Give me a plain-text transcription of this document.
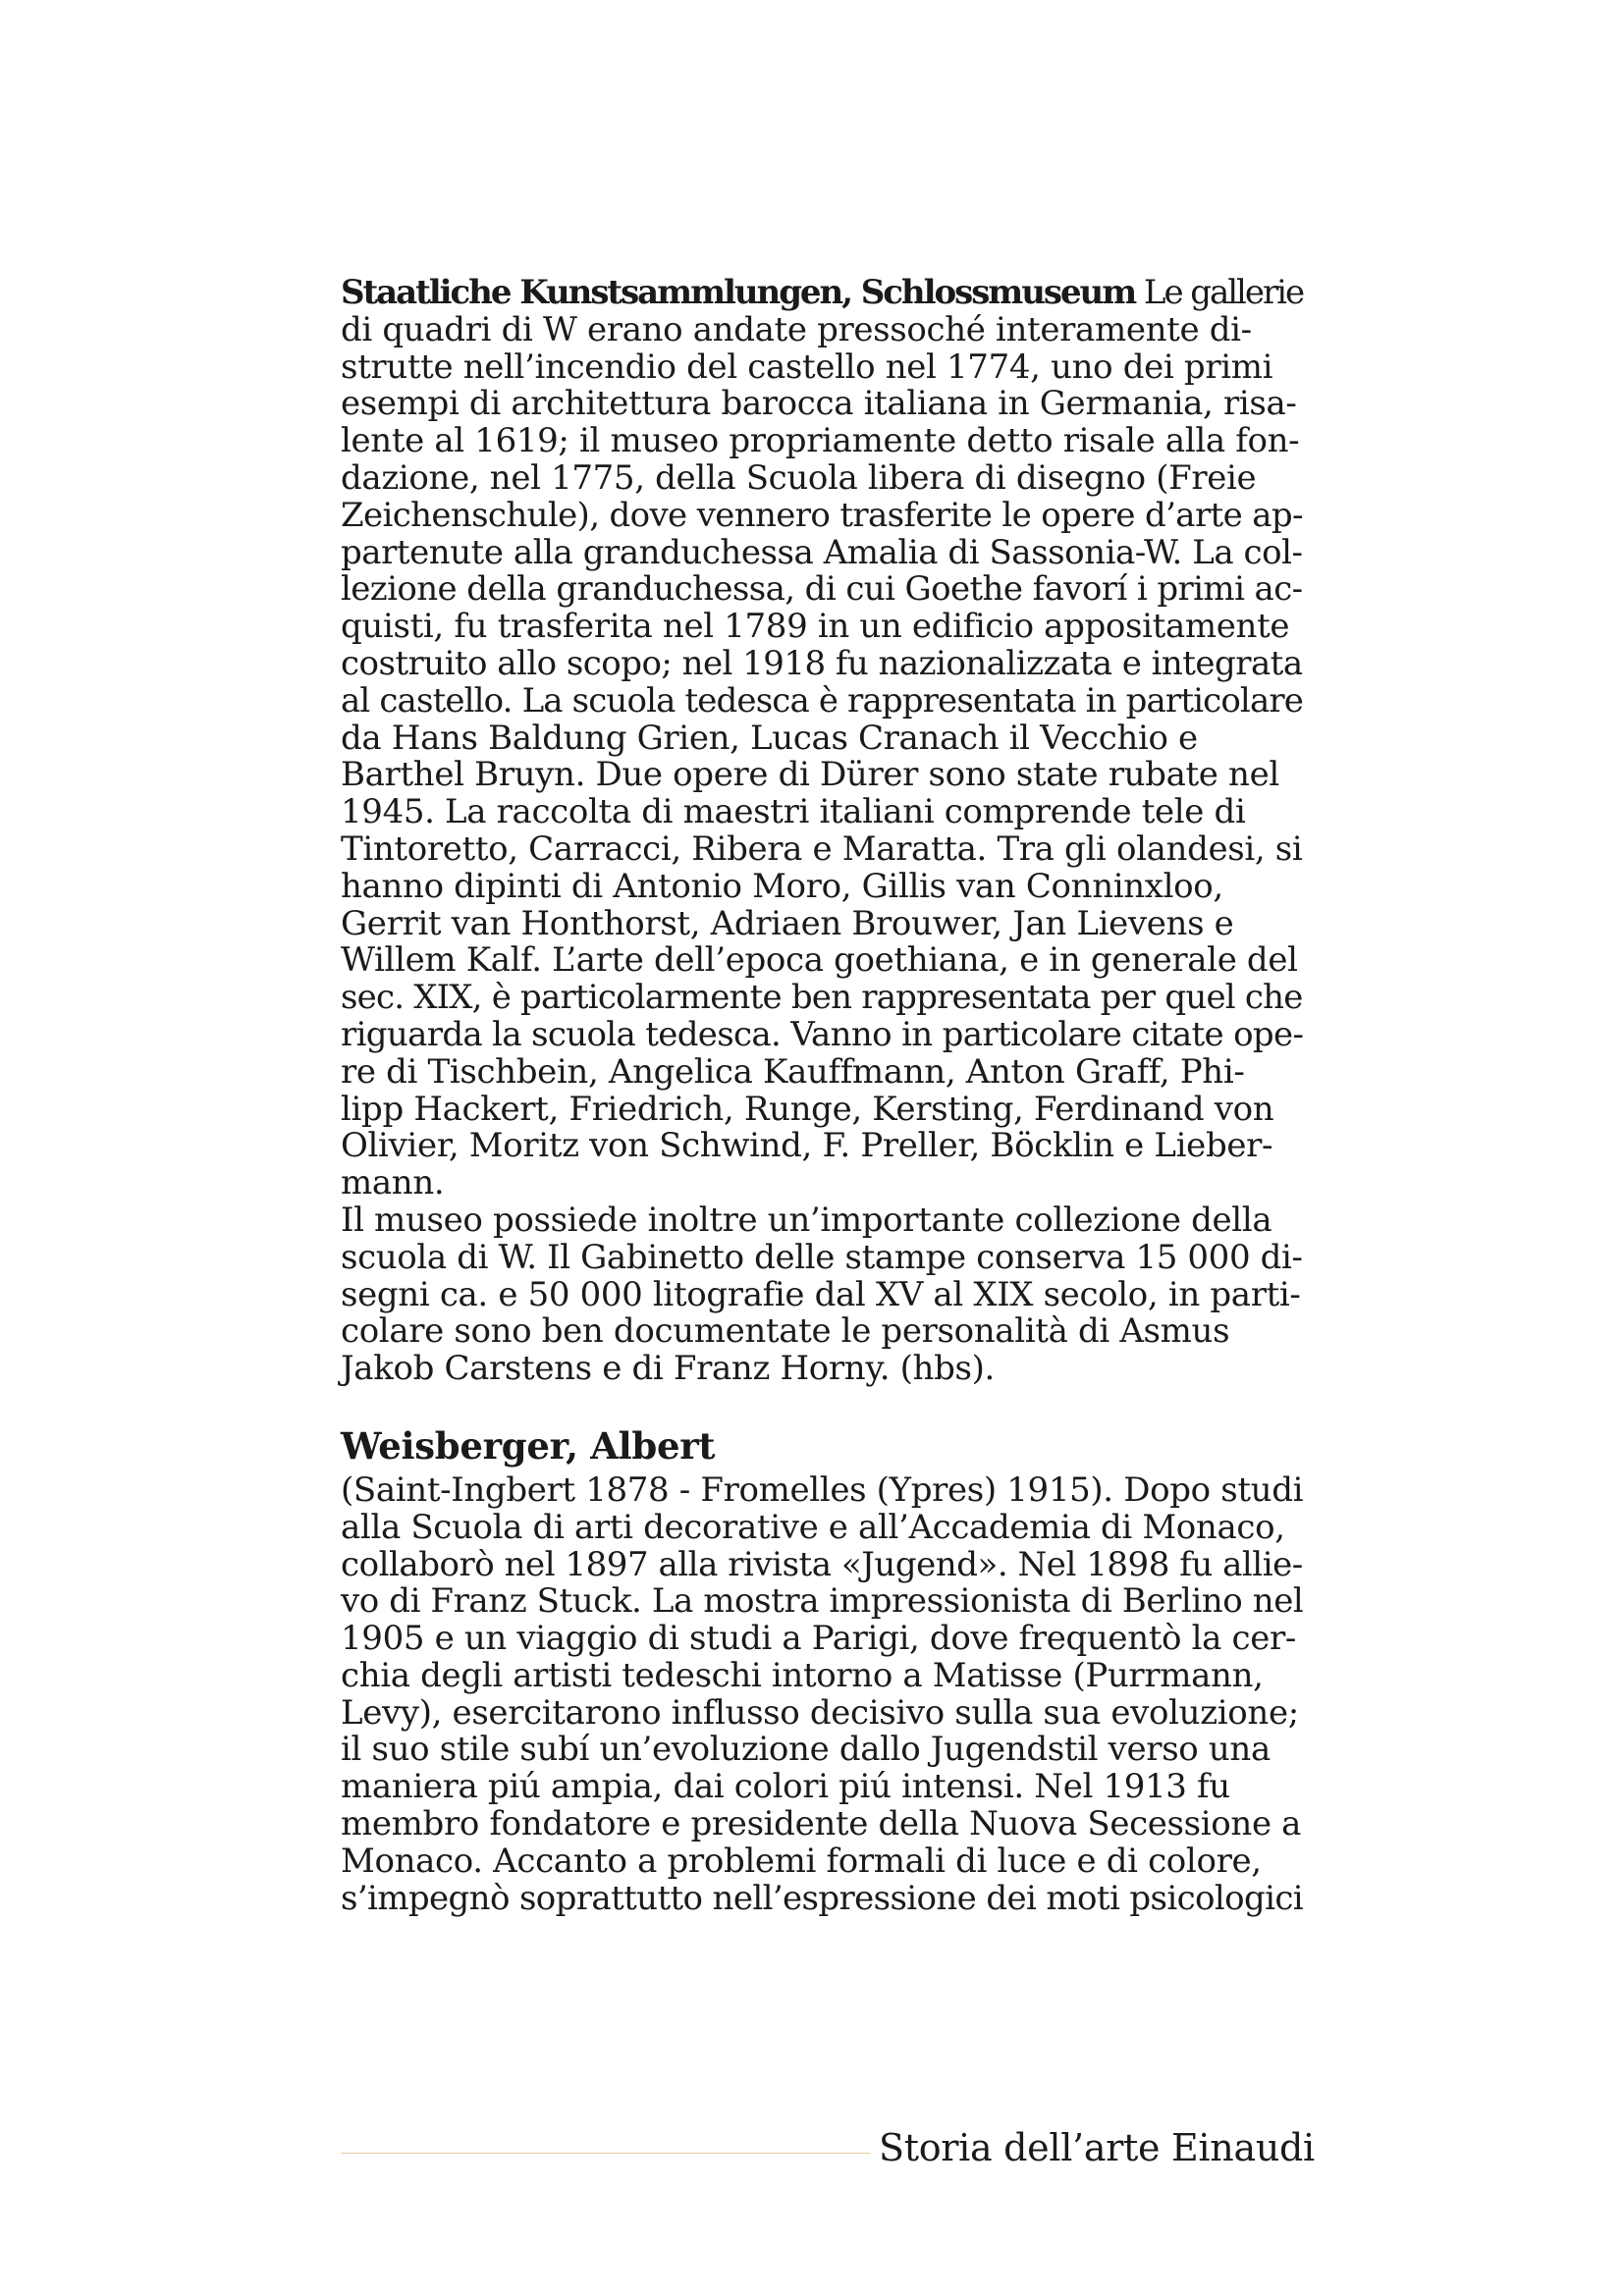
Staatliche Kunstsammlungen, Schlossmuseum Le gallerie
di quadri di W erano andate pressoché interamente di-
strutte nell’incendio del castello nel 1774, uno dei primi
esempi di architettura barocca italiana in Germania, risa-
lente al 1619; il museo propriamente detto risale alla fon-
dazione, nel 1775, della Scuola libera di disegno (Freie
Zeichenschule), dove vennero trasferite le opere d’arte ap-
partenute alla granduchessa Amalia di Sassonia-W. La col-
lezione della granduchessa, di cui Goethe favorí i primi ac-
quisti, fu trasferita nel 1789 in un edificio appositamente
costruito allo scopo; nel 1918 fu nazionalizzata e integrata
al castello. La scuola tedesca è rappresentata in particolare
da Hans Baldung Grien, Lucas Cranach il Vecchio e
Barthel Bruyn. Due opere di Dürer sono state rubate nel
1945. La raccolta di maestri italiani comprende tele di
Tintoretto, Carracci, Ribera e Maratta. Tra gli olandesi, si
hanno dipinti di Antonio Moro, Gillis van Conninxloo,
Gerrit van Honthorst, Adriaen Brouwer, Jan Lievens e
Willem Kalf. L’arte dell’epoca goethiana, e in generale del
sec. XIX, è particolarmente ben rappresentata per quel che
riguarda la scuola tedesca. Vanno in particolare citate ope-
re di Tischbein, Angelica Kauffmann, Anton Graff, Phi-
lipp Hackert, Friedrich, Runge, Kersting, Ferdinand von
Olivier, Moritz von Schwind, F. Preller, Böcklin e Lieber-
mann.
Il museo possiede inoltre un’importante collezione della
scuola di W. Il Gabinetto delle stampe conserva 15 000 di-
segni ca. e 50 000 litografie dal XV al XIX secolo, in parti-
colare sono ben documentate le personalità di Asmus
Jakob Carstens e di Franz Horny. (hbs).
Weisberger, Albert
(Saint-Ingbert 1878 - Fromelles (Ypres) 1915). Dopo studi
alla Scuola di arti decorative e all’Accademia di Monaco,
collaborò nel 1897 alla rivista «Jugend». Nel 1898 fu allie-
vo di Franz Stuck. La mostra impressionista di Berlino nel
1905 e un viaggio di studi a Parigi, dove frequentò la cer-
chia degli artisti tedeschi intorno a Matisse (Purrmann,
Levy), esercitarono influsso decisivo sulla sua evoluzione;
il suo stile subí un’evoluzione dallo Jugendstil verso una
maniera piú ampia, dai colori piú intensi. Nel 1913 fu
membro fondatore e presidente della Nuova Secessione a
Monaco. Accanto a problemi formali di luce e di colore,
s’impegnò soprattutto nell’espressione dei moti psicologici
Storia dell’arte Einaudi
